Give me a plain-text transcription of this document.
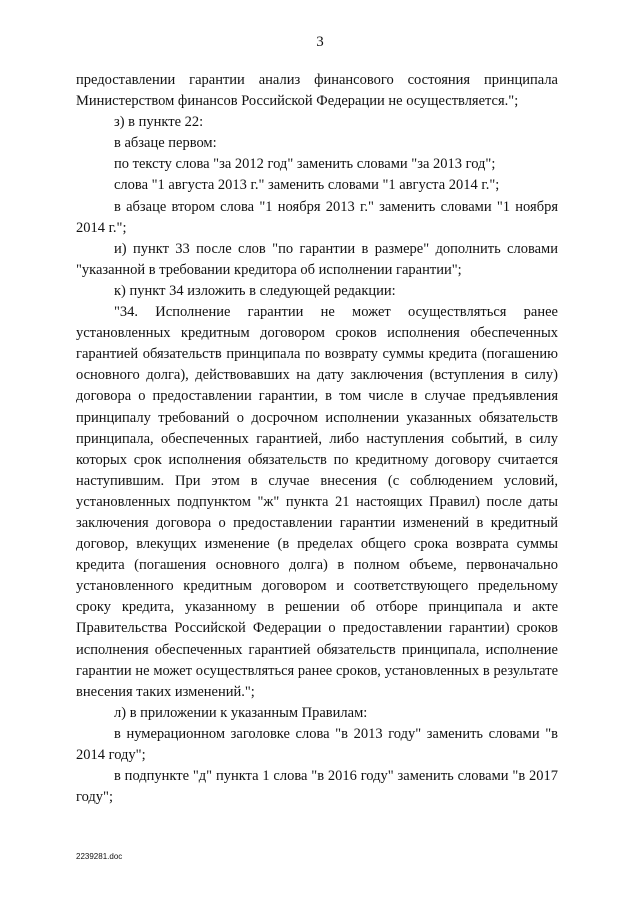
3

предоставлении гарантии анализ финансового состояния принципала Министерством финансов Российской Федерации не осуществляется.";

з) в пункте 22:

в абзаце первом:

по тексту слова "за 2012 год" заменить словами "за 2013 год";

слова "1 августа 2013 г." заменить словами "1 августа 2014 г.";

в абзаце втором слова "1 ноября 2013 г." заменить словами "1 ноября 2014 г.";

и) пункт 33 после слов "по гарантии в размере" дополнить словами "указанной в требовании кредитора об исполнении гарантии";

к) пункт 34 изложить в следующей редакции:

"34. Исполнение гарантии не может осуществляться ранее установленных кредитным договором сроков исполнения обеспеченных гарантией обязательств принципала по возврату суммы кредита (погашению основного долга), действовавших на дату заключения (вступления в силу) договора о предоставлении гарантии, в том числе в случае предъявления принципалу требований о досрочном исполнении указанных обязательств принципала, обеспеченных гарантией, либо наступления событий, в силу которых срок исполнения обязательств по кредитному договору считается наступившим. При этом в случае внесения (с соблюдением условий, установленных подпунктом "ж" пункта 21 настоящих Правил) после даты заключения договора о предоставлении гарантии изменений в кредитный договор, влекущих изменение (в пределах общего срока возврата суммы кредита (погашения основного долга) в полном объеме, первоначально установленного кредитным договором и соответствующего предельному сроку кредита, указанному в решении об отборе принципала и акте Правительства Российской Федерации о предоставлении гарантии) сроков исполнения обеспеченных гарантией обязательств принципала, исполнение гарантии не может осуществляться ранее сроков, установленных в результате внесения таких изменений.";

л) в приложении к указанным Правилам:

в нумерационном заголовке слова "в 2013 году" заменить словами "в 2014 году";

в подпункте "д" пункта 1 слова "в 2016 году" заменить словами "в 2017 году";

2239281.doc
